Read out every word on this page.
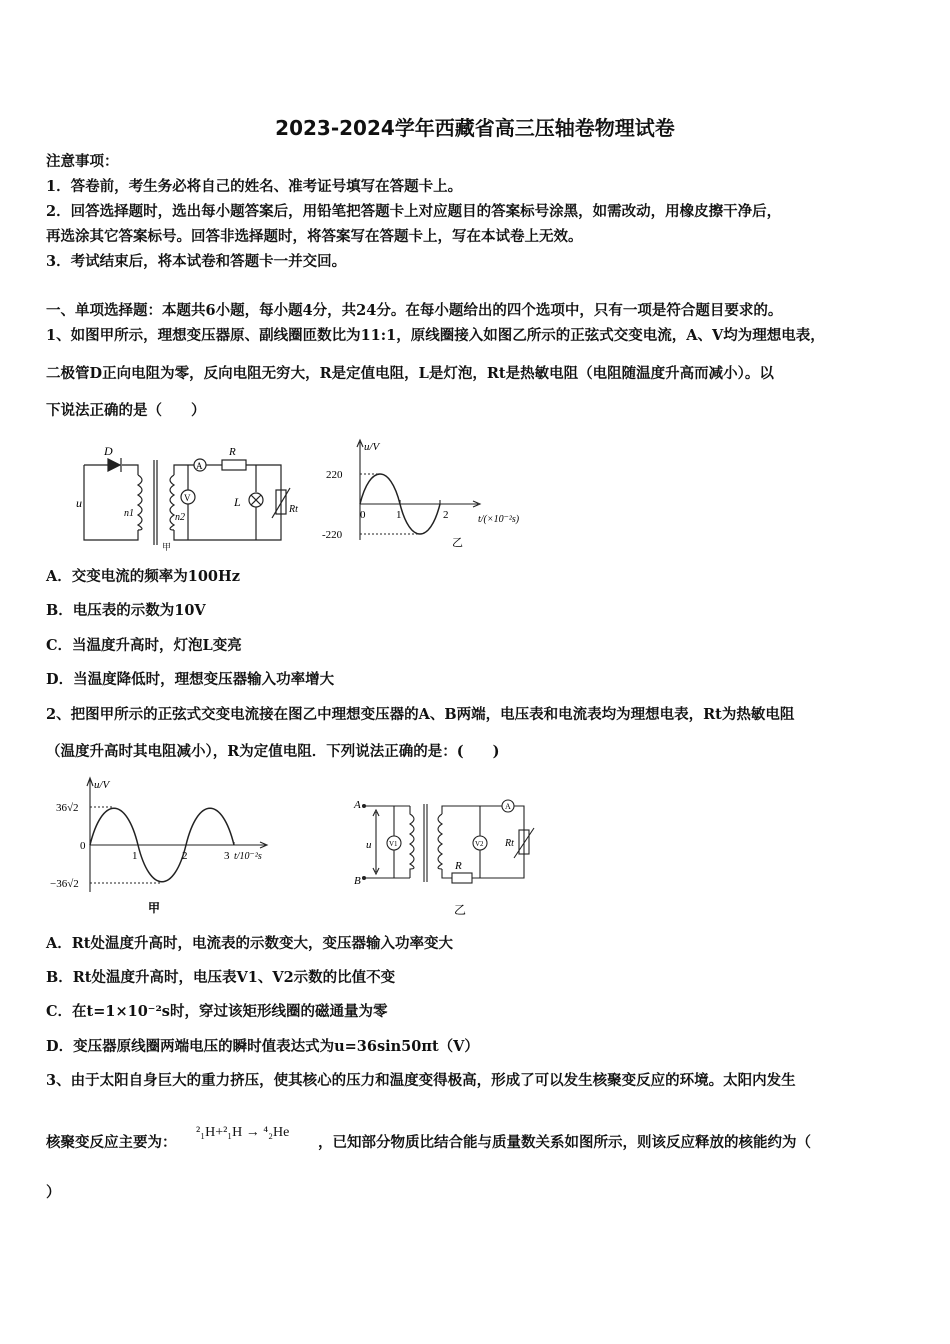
2023-2024学年西藏省高三压轴卷物理试卷
注意事项：
1．答卷前，考生务必将自己的姓名、准考证号填写在答题卡上。
2．回答选择题时，选出每小题答案后，用铅笔把答题卡上对应题目的答案标号涂黑，如需改动，用橡皮擦干净后，
再选涂其它答案标号。回答非选择题时，将答案写在答题卡上，写在本试卷上无效。
3．考试结束后，将本试卷和答题卡一并交回。
一、单项选择题：本题共6小题，每小题4分，共24分。在每小题给出的四个选项中，只有一项是符合题目要求的。
1、如图甲所示，理想变压器原、副线圈匝数比为11:1，原线圈接入如图乙所示的正弦式交变电流，A、V均为理想电表，
二极管D正向电阻为零，反向电阻无穷大，R是定值电阻，L是灯泡，Rt是热敏电阻（电阻随温度升高而减小）。以
下说法正确的是（　　）
D
u
n1	n2
A
V
R
L
Rt
甲
u/V
220
-220
0	1	2	t/(×10⁻²s)
乙
A．交变电流的频率为100Hz
B．电压表的示数为10V
C．当温度升高时，灯泡L变亮
D．当温度降低时，理想变压器输入功率增大
2、把图甲所示的正弦式交变电流接在图乙中理想变压器的A、B两端，电压表和电流表均为理想电表，Rt为热敏电阻
（温度升高时其电阻减小），R为定值电阻．下列说法正确的是：(　　)
u/V
36√2
0
−36√2
1	2	3 t/10⁻²s
甲
A
B
u	V1	V2
A
R
Rt
乙
A．Rt处温度升高时，电流表的示数变大，变压器输入功率变大
B．Rt处温度升高时，电压表V1、V2示数的比值不变
C．在t=1×10⁻²s时，穿过该矩形线圈的磁通量为零
D．变压器原线圈两端电压的瞬时值表达式为u=36sin50πt（V）
3、由于太阳自身巨大的重力挤压，使其核心的压力和温度变得极高，形成了可以发生核聚变反应的环境。太阳内发生
核聚变反应主要为：
²₁H+²₁H → ⁴₂He
，已知部分物质比结合能与质量数关系如图所示，则该反应释放的核能约为（
）
